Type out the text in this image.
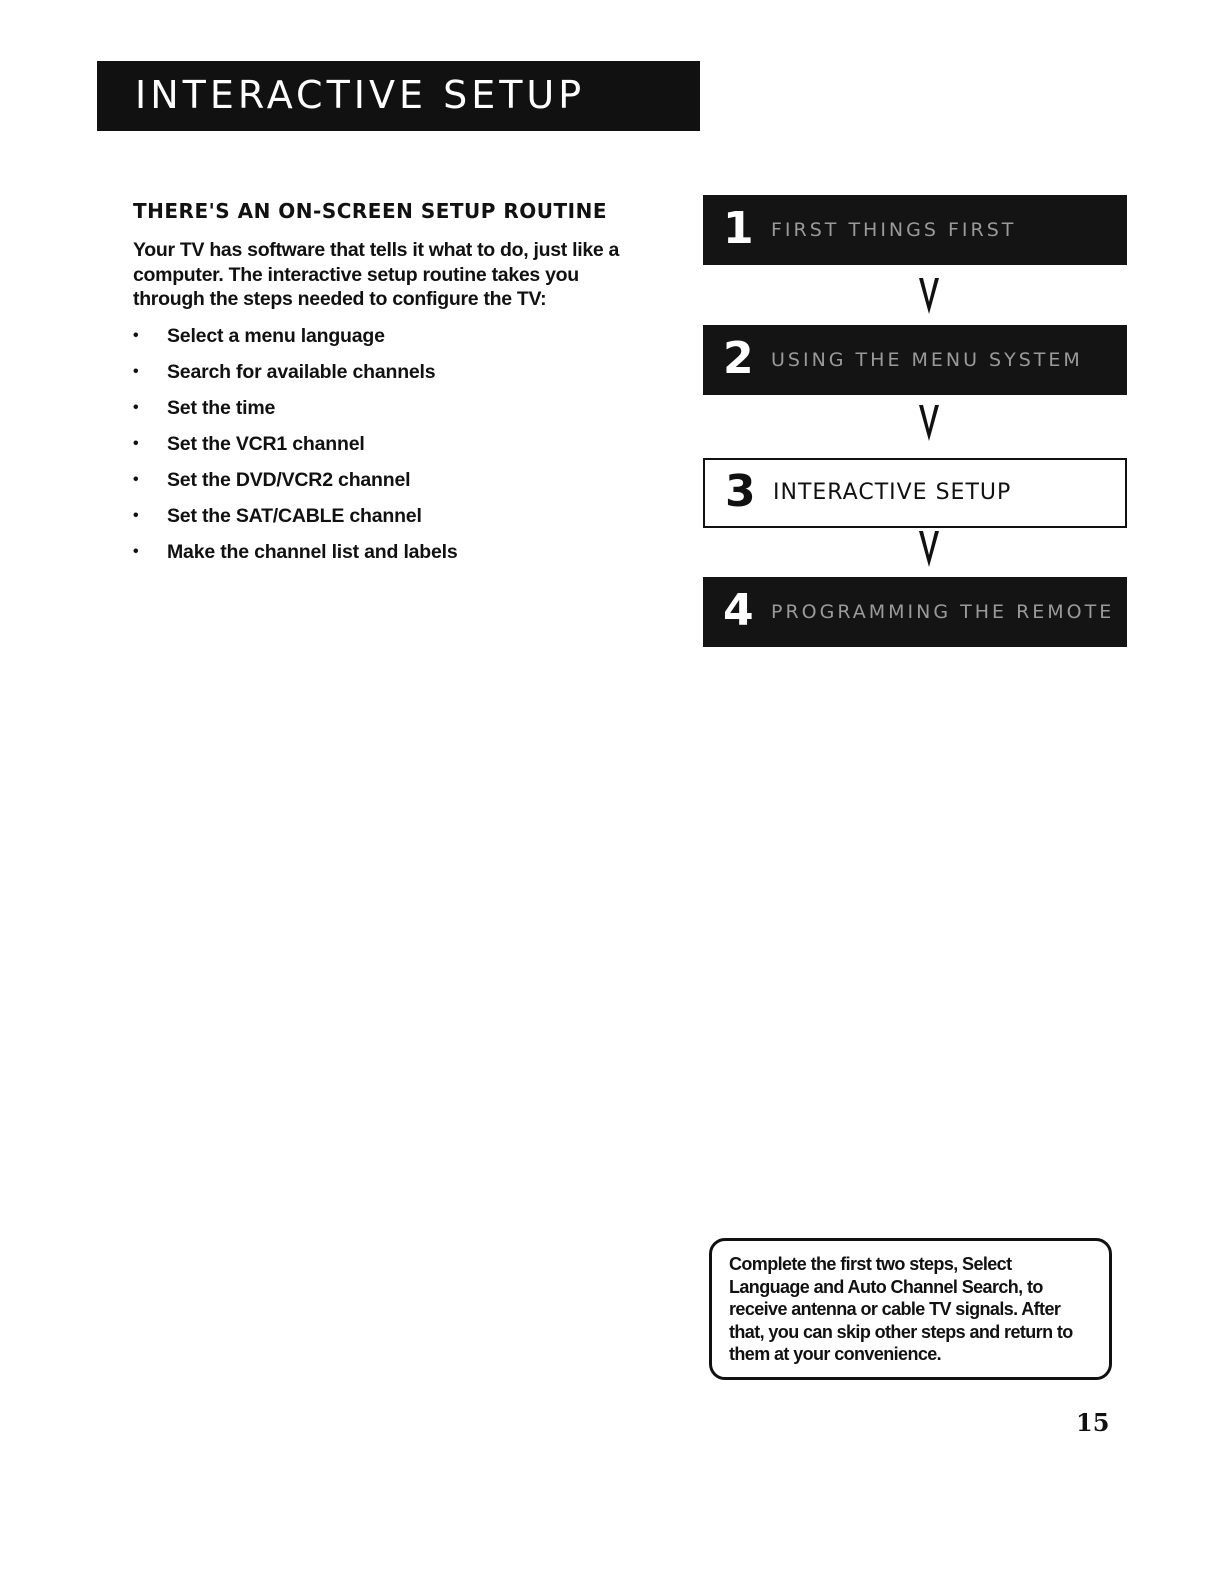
INTERACTIVE SETUP
THERE'S AN ON-SCREEN SETUP ROUTINE

Your TV has software that tells it what to do, just like a computer. The interactive setup routine takes you through the steps needed to configure the TV:

• Select a menu language
• Search for available channels
• Set the time
• Set the VCR1 channel
• Set the DVD/VCR2 channel
• Set the SAT/CABLE channel
• Make the channel list and labels
1 FIRST THINGS FIRST
2 USING THE MENU SYSTEM
3 INTERACTIVE SETUP
4 PROGRAMMING THE REMOTE

Complete the first two steps, Select Language and Auto Channel Search, to receive antenna or cable TV signals. After that, you can skip other steps and return to them at your convenience.

15
